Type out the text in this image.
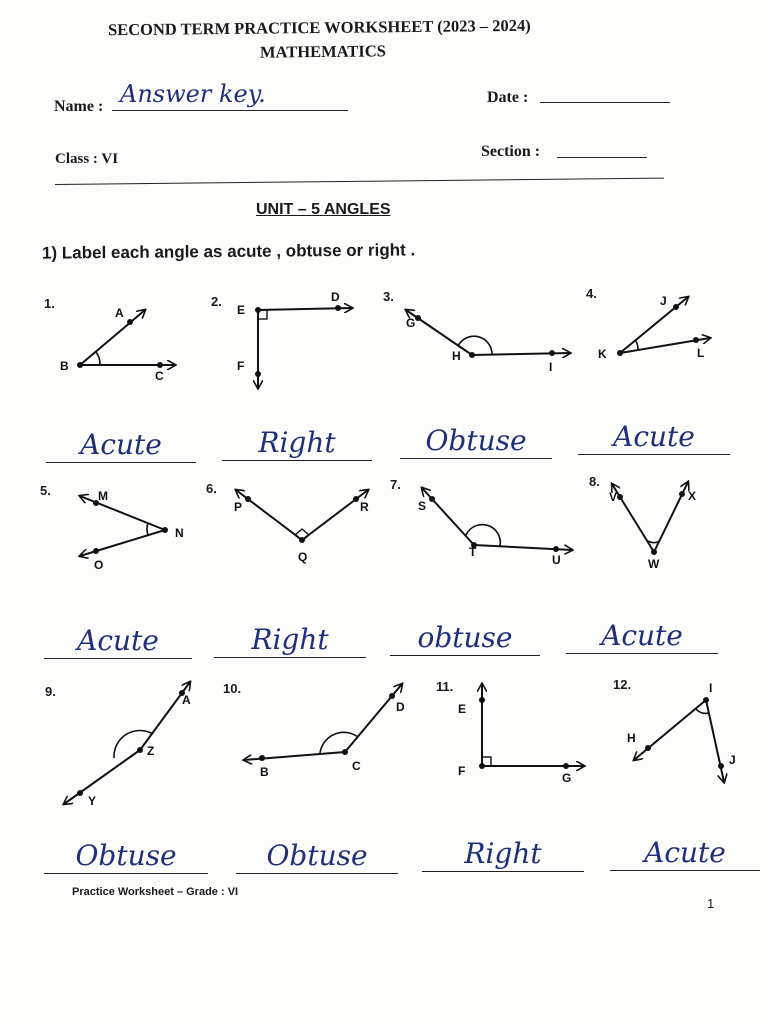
SECOND TERM PRACTICE WORKSHEET (2023 – 2024)
MATHEMATICS
Name : Answer key.	Date :
Class : VI	Section :
UNIT – 5 ANGLES
1) Label each angle as acute , obtuse or right .
A
B
C
D
E
F
G
H
I
J
K	L
M
N
O
P
Q
R	S
T
U
V
W
X
A
Z
Y
B	C
D	E
F	G
I
H
J
1.	2.	3.	4.
5.	6.	7.	8.
9.	10.	11.	12.
Acute	Right	Obtuse	Acute
Acute	Right	obtuse	Acute
Obtuse	Obtuse	Right	Acute
Practice Worksheet – Grade : VI
1
